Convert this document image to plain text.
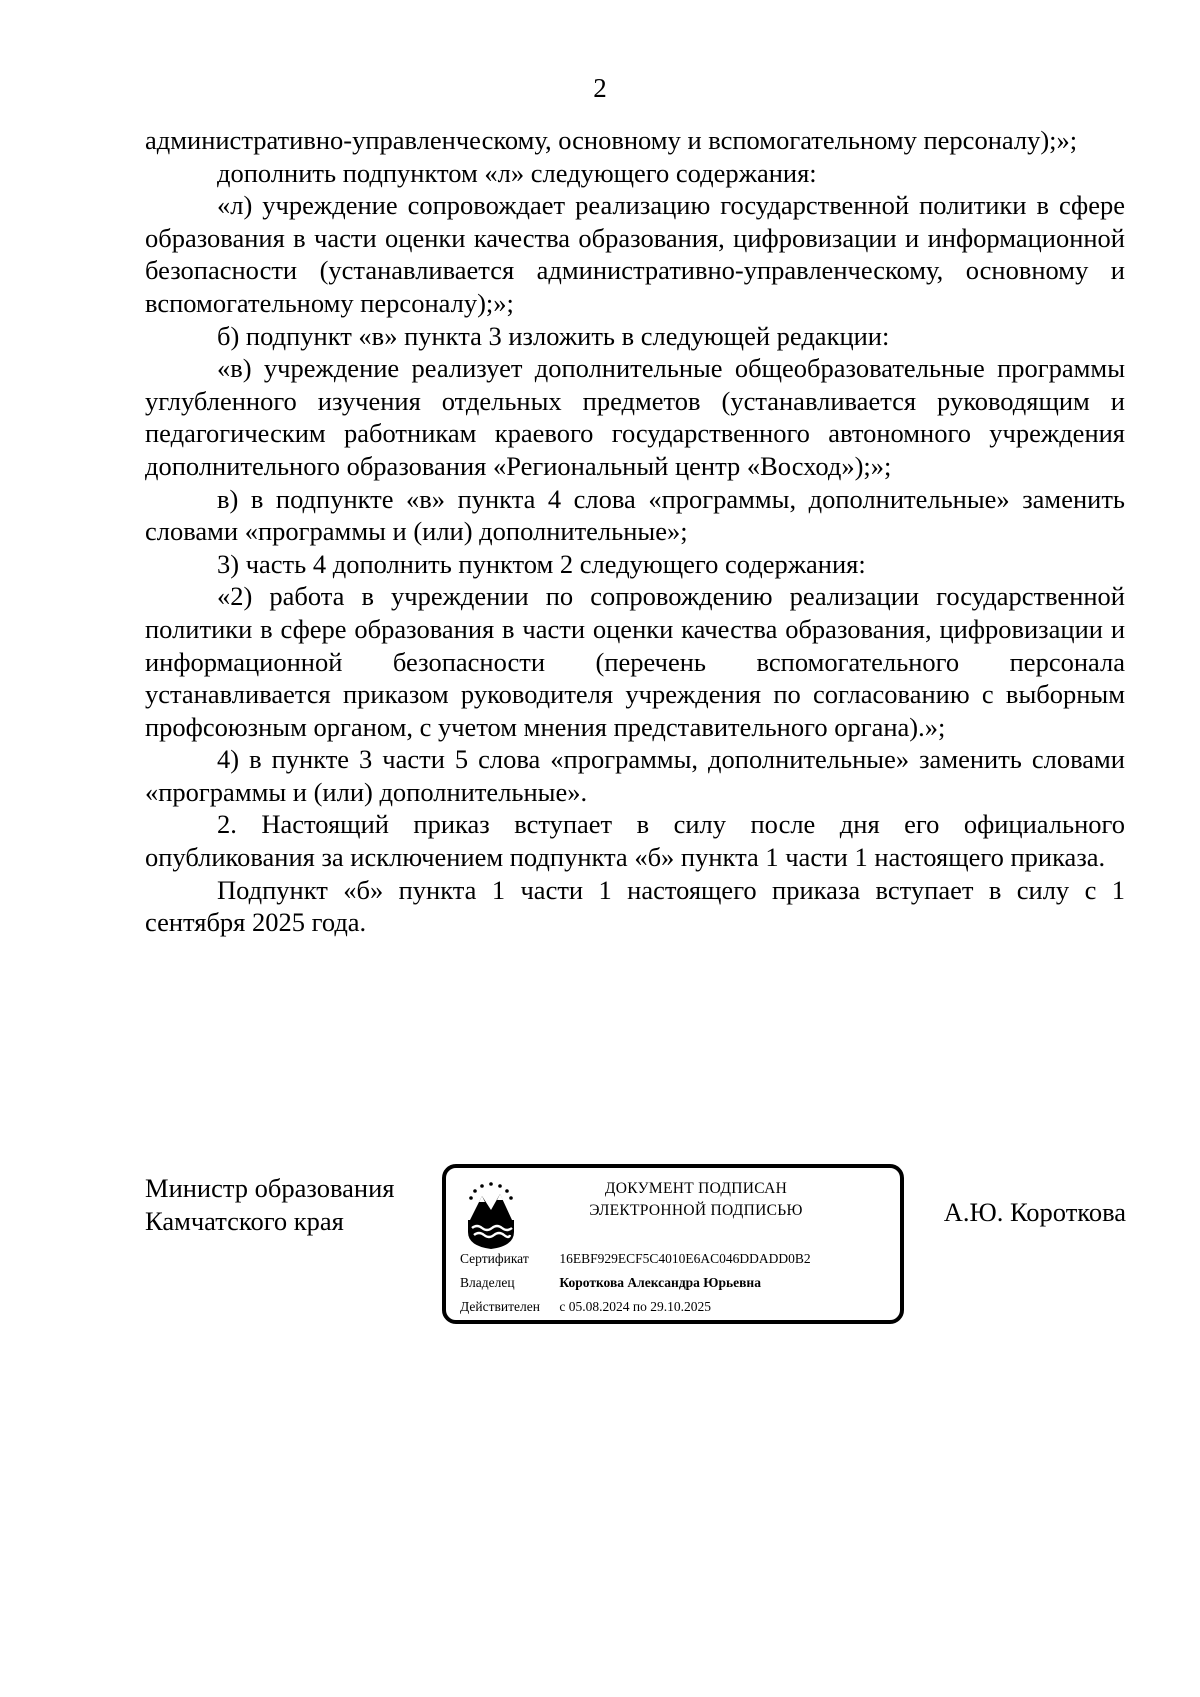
2

административно-управленческому, основному и вспомогательному персоналу);»;

дополнить подпунктом «л» следующего содержания:

«л) учреждение сопровождает реализацию государственной политики в сфере образования в части оценки качества образования, цифровизации и информационной безопасности (устанавливается административно-управленческому, основному и вспомогательному персоналу);»;

б) подпункт «в» пункта 3 изложить в следующей редакции:

«в) учреждение реализует дополнительные общеобразовательные программы углубленного изучения отдельных предметов (устанавливается руководящим и педагогическим работникам краевого государственного автономного учреждения дополнительного образования «Региональный центр «Восход»);»;

в) в подпункте «в» пункта 4 слова «программы, дополнительные» заменить словами «программы и (или) дополнительные»;

3) часть 4 дополнить пунктом 2 следующего содержания:

«2) работа в учреждении по сопровождению реализации государственной политики в сфере образования в части оценки качества образования, цифровизации и информационной безопасности (перечень вспомогательного персонала устанавливается приказом руководителя учреждения по согласованию с выборным профсоюзным органом, с учетом мнения представительного органа).»;

4) в пункте 3 части 5 слова «программы, дополнительные» заменить словами «программы и (или) дополнительные».

2. Настоящий приказ вступает в силу после дня его официального опубликования за исключением подпункта «б» пункта 1 части 1 настоящего приказа.

Подпункт «б» пункта 1 части 1 настоящего приказа вступает в силу с 1 сентября 2025 года.

Министр образования
Камчатского края
ДОКУМЕНТ ПОДПИСАН
ЭЛЕКТРОННОЙ ПОДПИСЬЮ
Сертификат 16EBF929ECF5C4010E6AC046DDADD0B2
Владелец	Короткова Александра Юрьевна
Действителен с 05.08.2024 по 29.10.2025
А.Ю. Короткова
